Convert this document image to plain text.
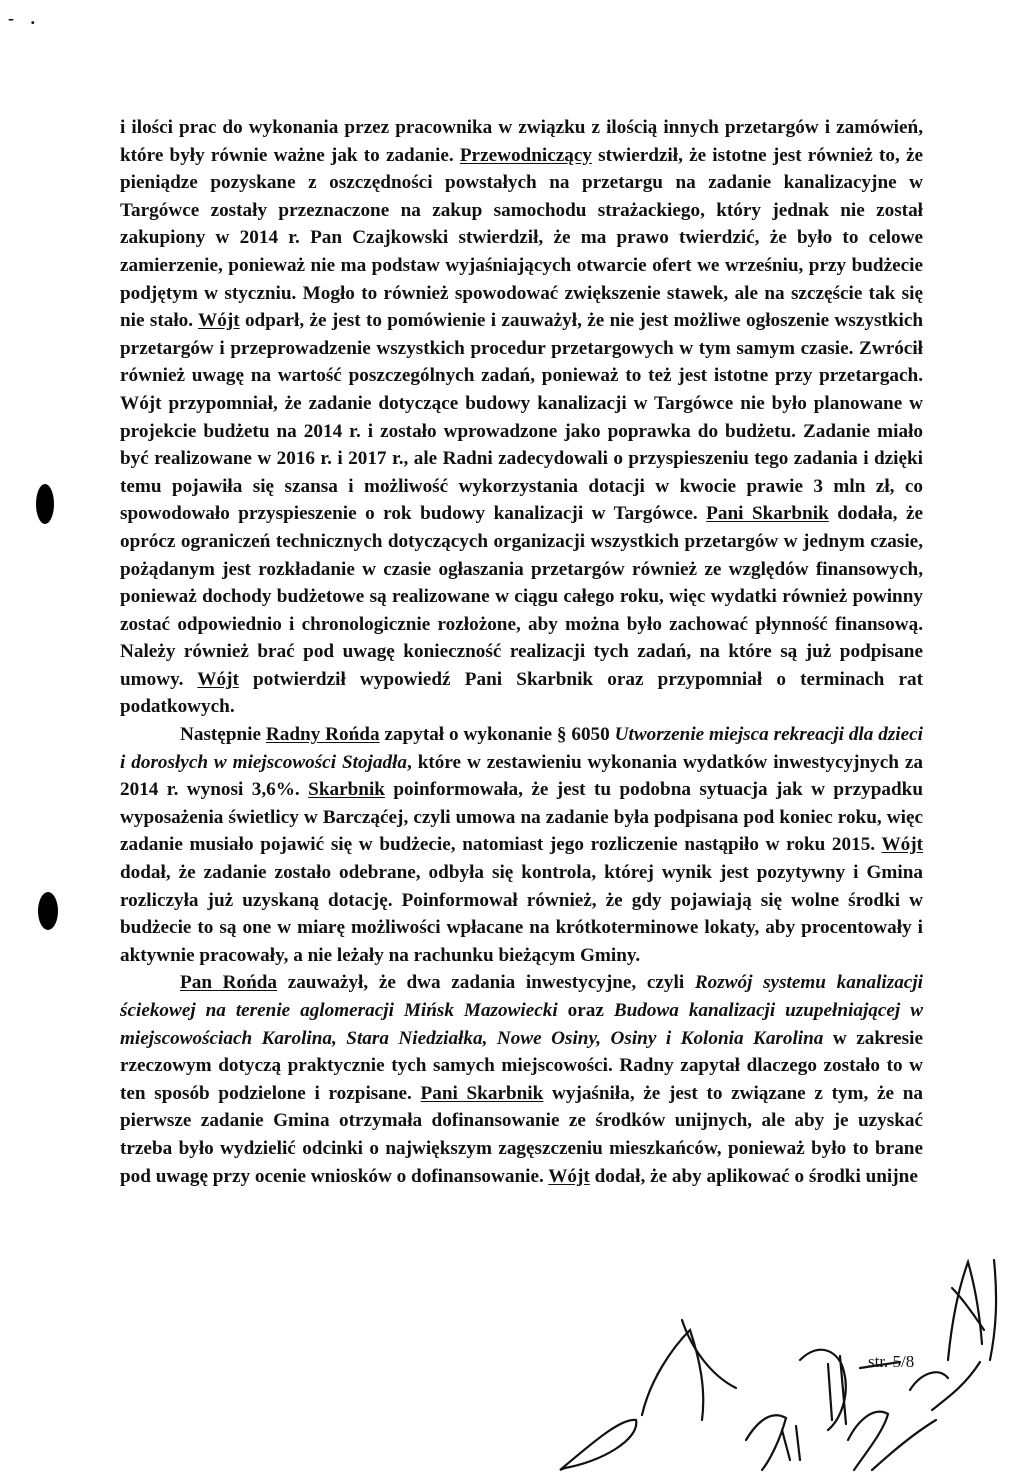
- .

i ilości prac do wykonania przez pracownika w związku z ilością innych przetargów i zamówień, które były równie ważne jak to zadanie. Przewodniczący stwierdził, że istotne jest również to, że pieniądze pozyskane z oszczędności powstałych na przetargu na zadanie kanalizacyjne w Targówce zostały przeznaczone na zakup samochodu strażackiego, który jednak nie został zakupiony w 2014 r. Pan Czajkowski stwierdził, że ma prawo twierdzić, że było to celowe zamierzenie, ponieważ nie ma podstaw wyjaśniających otwarcie ofert we wrześniu, przy budżecie podjętym w styczniu. Mogło to również spowodować zwiększenie stawek, ale na szczęście tak się nie stało. Wójt odparł, że jest to pomówienie i zauważył, że nie jest możliwe ogłoszenie wszystkich przetargów i przeprowadzenie wszystkich procedur przetargowych w tym samym czasie. Zwrócił również uwagę na wartość poszczególnych zadań, ponieważ to też jest istotne przy przetargach. Wójt przypomniał, że zadanie dotyczące budowy kanalizacji w Targówce nie było planowane w projekcie budżetu na 2014 r. i zostało wprowadzone jako poprawka do budżetu. Zadanie miało być realizowane w 2016 r. i 2017 r., ale Radni zadecydowali o przyspieszeniu tego zadania i dzięki temu pojawiła się szansa i możliwość wykorzystania dotacji w kwocie prawie 3 mln zł, co spowodowało przyspieszenie o rok budowy kanalizacji w Targówce. Pani Skarbnik dodała, że oprócz ograniczeń technicznych dotyczących organizacji wszystkich przetargów w jednym czasie, pożądanym jest rozkładanie w czasie ogłaszania przetargów również ze względów finansowych, ponieważ dochody budżetowe są realizowane w ciągu całego roku, więc wydatki również powinny zostać odpowiednio i chronologicznie rozłożone, aby można było zachować płynność finansową. Należy również brać pod uwagę konieczność realizacji tych zadań, na które są już podpisane umowy. Wójt potwierdził wypowiedź Pani Skarbnik oraz przypomniał o terminach rat podatkowych.

Następnie Radny Rońda zapytał o wykonanie § 6050 Utworzenie miejsca rekreacji dla dzieci i dorosłych w miejscowości Stojadła, które w zestawieniu wykonania wydatków inwestycyjnych za 2014 r. wynosi 3,6%. Skarbnik poinformowała, że jest tu podobna sytuacja jak w przypadku wyposażenia świetlicy w Barcząćej, czyli umowa na zadanie była podpisana pod koniec roku, więc zadanie musiało pojawić się w budżecie, natomiast jego rozliczenie nastąpiło w roku 2015. Wójt dodał, że zadanie zostało odebrane, odbyła się kontrola, której wynik jest pozytywny i Gmina rozliczyła już uzyskaną dotację. Poinformował również, że gdy pojawiają się wolne środki w budżecie to są one w miarę możliwości wpłacane na krótkoterminowe lokaty, aby procentowały i aktywnie pracowały, a nie leżały na rachunku bieżącym Gminy.

Pan Rońda zauważył, że dwa zadania inwestycyjne, czyli Rozwój systemu kanalizacji ściekowej na terenie aglomeracji Mińsk Mazowiecki oraz Budowa kanalizacji uzupełniającej w miejscowościach Karolina, Stara Niedziałka, Nowe Osiny, Osiny i Kolonia Karolina w zakresie rzeczowym dotyczą praktycznie tych samych miejscowości. Radny zapytał dlaczego zostało to w ten sposób podzielone i rozpisane. Pani Skarbnik wyjaśniła, że jest to związane z tym, że na pierwsze zadanie Gmina otrzymała dofinansowanie ze środków unijnych, ale aby je uzyskać trzeba było wydzielić odcinki o największym zagęszczeniu mieszkańców, ponieważ było to brane pod uwagę przy ocenie wniosków o dofinansowanie. Wójt dodał, że aby aplikować o środki unijne

str. 5/8
